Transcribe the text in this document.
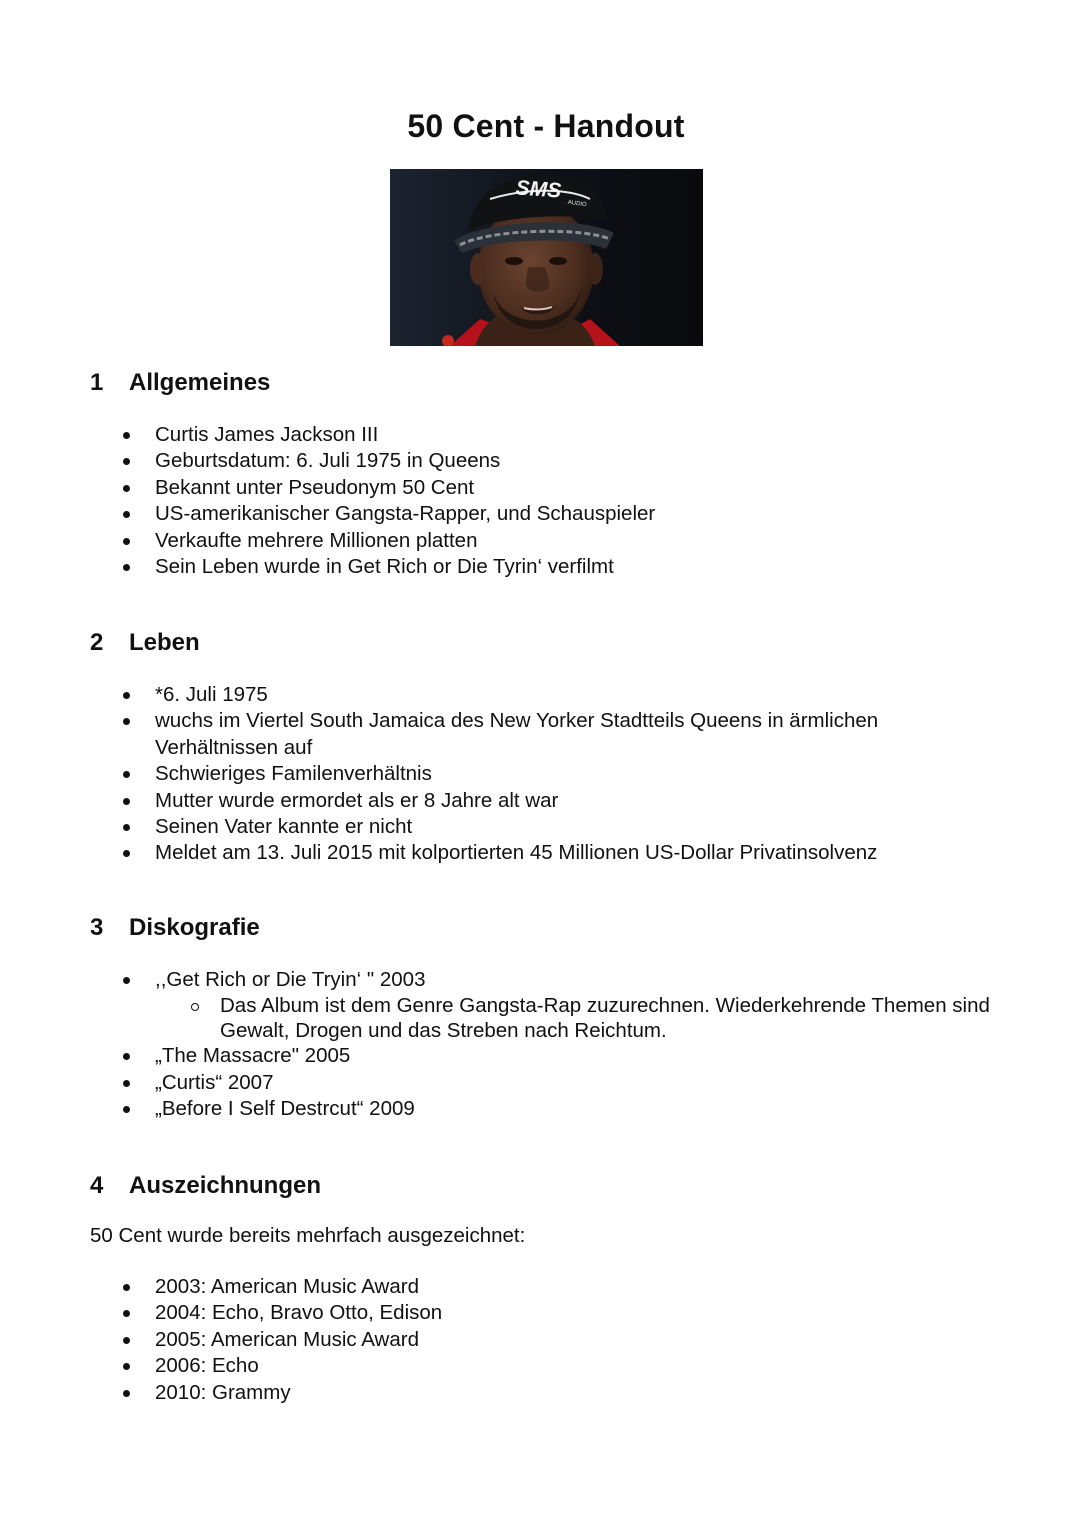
50 Cent - Handout
SMS
AUDIO
1	Allgemeines
Curtis James Jackson III
Geburtsdatum: 6. Juli 1975 in Queens
Bekannt unter Pseudonym 50 Cent
US-amerikanischer Gangsta-Rapper, und Schauspieler
Verkaufte mehrere Millionen platten
Sein Leben wurde in Get Rich or Die Tyrin‘ verfilmt
2	Leben
*6. Juli 1975
wuchs im Viertel South Jamaica des New Yorker Stadtteils Queens in ärmlichen Verhältnissen auf
Schwieriges Familenverhältnis
Mutter wurde ermordet als er 8 Jahre alt war
Seinen Vater kannte er nicht
Meldet am 13. Juli 2015 mit kolportierten 45 Millionen US-Dollar Privatinsolvenz
3	Diskografie
,,Get Rich or Die Tryin‘ " 2003
Das Album ist dem Genre Gangsta-Rap zuzurechnen. Wiederkehrende Themen sind Gewalt, Drogen und das Streben nach Reichtum.
„The Massacre" 2005
„Curtis“ 2007
„Before I Self Destrcut“ 2009
4	Auszeichnungen
50 Cent wurde bereits mehrfach ausgezeichnet:
2003: American Music Award
2004: Echo, Bravo Otto, Edison
2005: American Music Award
2006: Echo
2010: Grammy
